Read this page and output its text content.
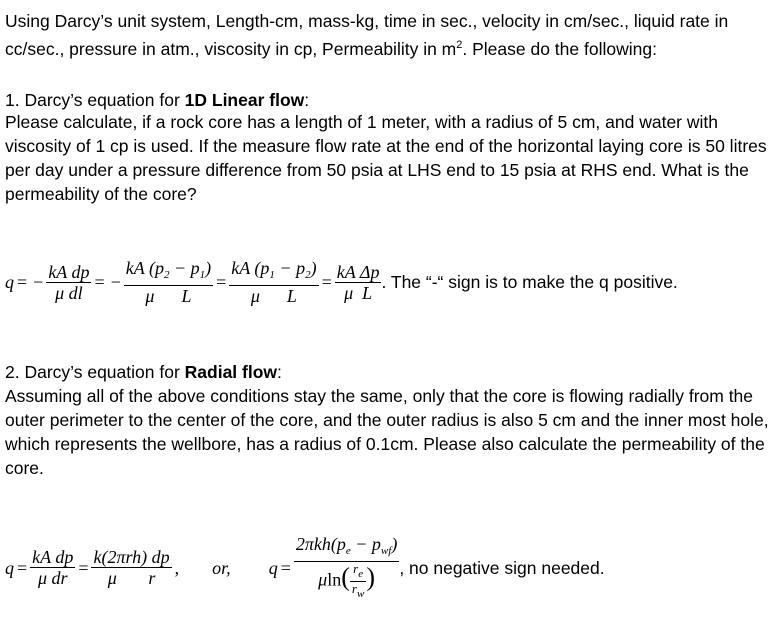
Using Darcy’s unit system, Length-cm, mass-kg, time in sec., velocity in cm/sec., liquid rate in
cc/sec., pressure in atm., viscosity in cp, Permeability in $m^2$. Please do the following:

1. Darcy’s equation for 1D Linear flow:

Please calculate, if a rock core has a length of 1 meter, with a radius of 5 cm, and water with viscosity of 1 cp is used. If the measure flow rate at the end of the horizontal laying core is 50 litres per day under a pressure difference from 50 psia at LHS end to 15 psia at RHS end. What is the permeability of the core?

q = − $\frac{\text{kA dp}}{\text{μ dl}}$ = − $\frac{kA (p_2 - p_1)}{\text{μ      L}} = \frac{kA (p_1 - p_2)}{\text{μ      L}} = \frac{\text{kA Δp}}{\text{μ  L}}$ . The “-“ sign is to make the q positive.

2. Darcy’s equation for Radial flow:

Assuming all of the above conditions stay the same, only that the core is flowing radially from the outer perimeter to the center of the core, and the outer radius is also 5 cm and the inner most hole, which represents the wellbore, has a radius of 0.1cm. Please also calculate the permeability of the core.

$q = \frac{\text{kA dp}}{\text{μ dr}} = \frac{\text{k(2πrh) dp}}{\text{μ       r}}$ , or, $q = \frac{2\pi kh(p_e - p_{wf})}{\mu\ln( \frac{r_e}{r_w} )}$ , no negative sign needed.
